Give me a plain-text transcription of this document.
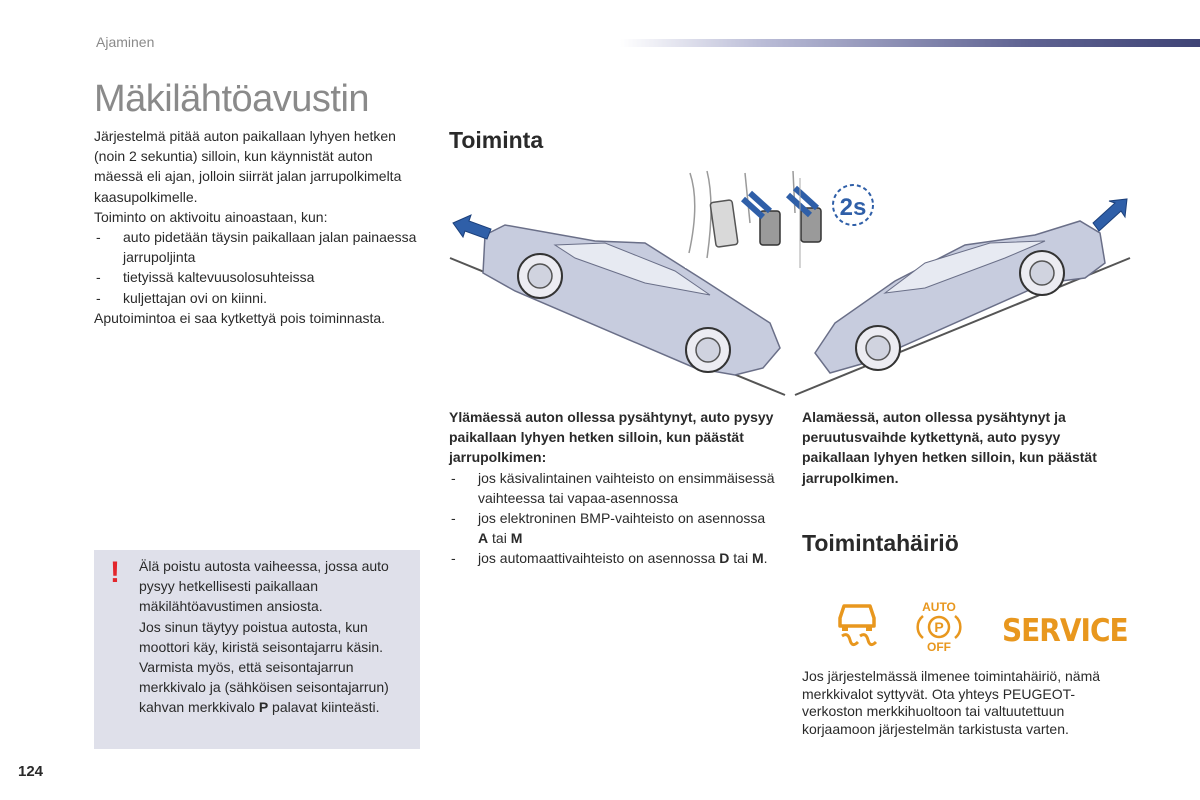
Ajaminen
Mäkilähtöavustin

Järjestelmä pitää auton paikallaan lyhyen hetken (noin 2 sekuntia) silloin, kun käynnistät auton mäessä eli ajan, jolloin siirrät jalan jarrupolkimelta kaasupolkimelle.

Toiminto on aktivoitu ainoastaan, kun:

- auto pidetään täysin paikallaan jalan painaessa jarrupoljinta

- tietyissä kaltevuusolosuhteissa

- kuljettajan ovi on kiinni.

Aputoimintoa ei saa kytkettyä pois toiminnasta.

! Älä poistu autosta vaiheessa, jossa auto pysyy hetkellisesti paikallaan mäkilähtöavustimen ansiosta.

Jos sinun täytyy poistua autosta, kun moottori käy, kiristä seisontajarru käsin. Varmista myös, että seisontajarrun merkkivalo ja (sähköisen seisontajarrun) kahvan merkkivalo P palavat kiinteästi.

Toiminta
2s

Ylämäessä auton ollessa pysähtynyt, auto pysyy paikallaan lyhyen hetken silloin, kun päästät jarrupolkimen:

- jos käsivalintainen vaihteisto on ensimmäisessä vaihteessa tai vapaa-asennossa

- jos elektroninen BMP-vaihteisto on asennossa A tai M

- jos automaattivaihteisto on asennossa D tai M.

Alamäessä, auton ollessa pysähtynyt ja peruutusvaihde kytkettynä, auto pysyy paikallaan lyhyen hetken silloin, kun päästät jarrupolkimen.

Toimintahäiriö
AUTO
P
OFF SERVICE
Jos järjestelmässä ilmenee toimintahäiriö, nämä merkkivalot syttyvät. Ota yhteys PEUGEOT-verkoston merkkihuoltoon tai valtuutettuun korjaamoon järjestelmän tarkistusta varten.
124
